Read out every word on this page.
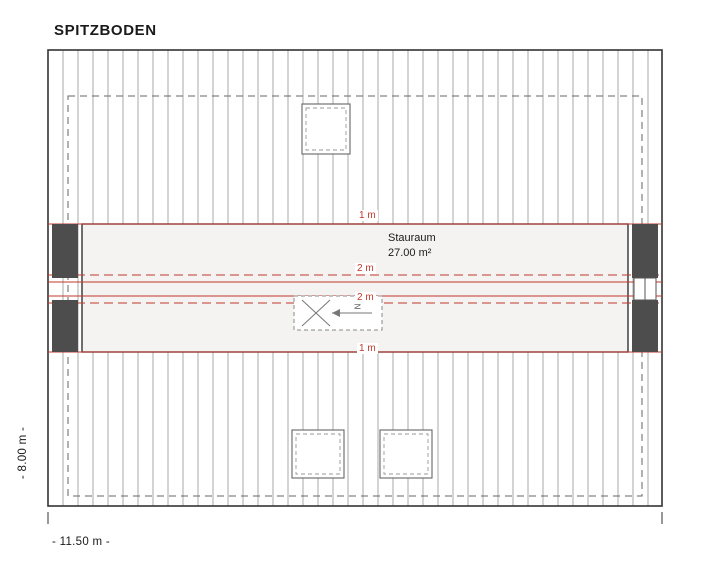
SPITZBODEN
Stauraum
27.00 m²
1 m
2 m
2 m
1 m
N
- 11.50 m -
- 8.00 m -
